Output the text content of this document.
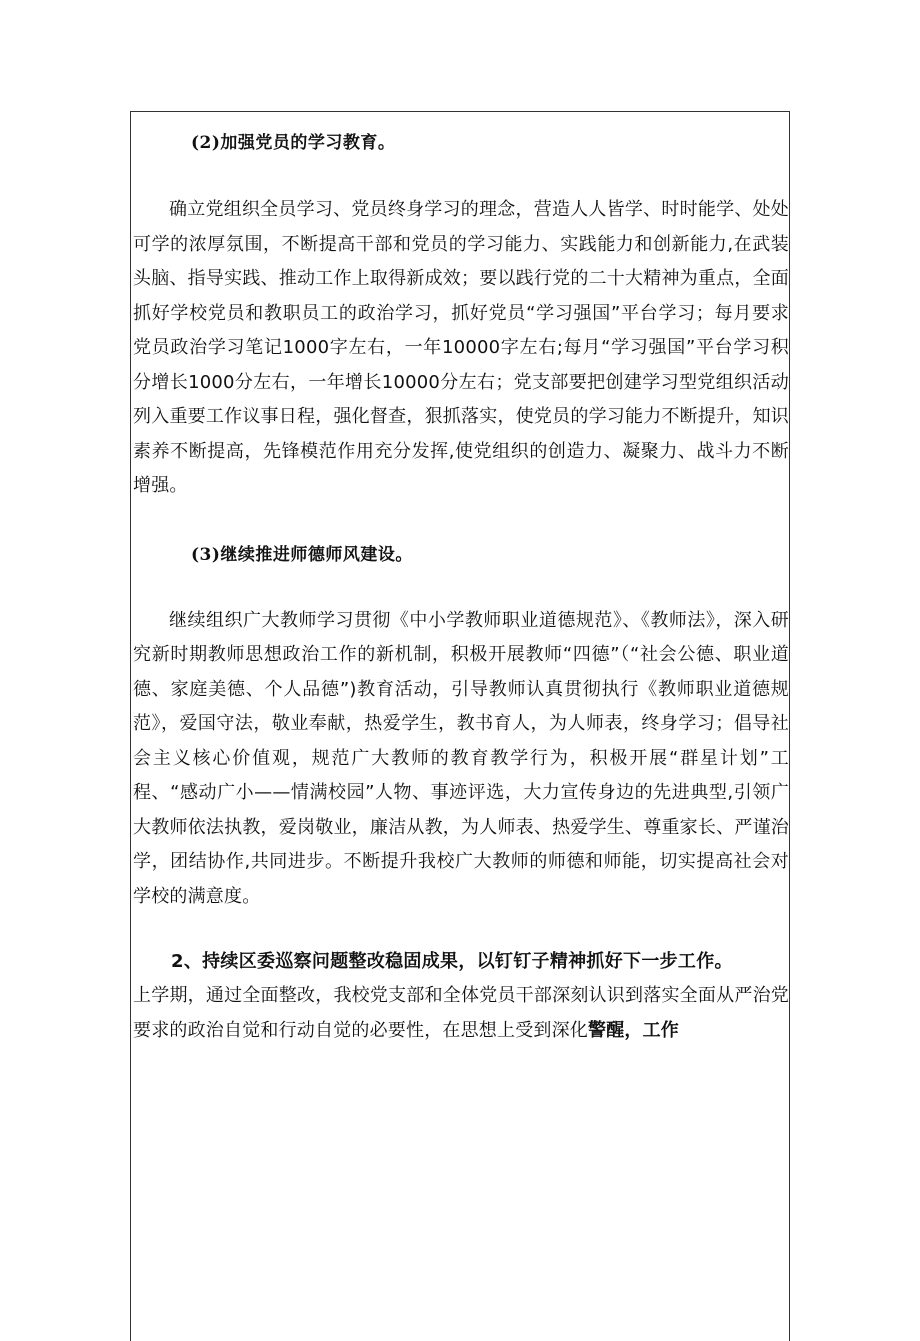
(2)加强党员的学习教育。

确立党组织全员学习、党员终身学习的理念，营造人人皆学、时时能学、处处可学的浓厚氛围，不断提高干部和党员的学习能力、实践能力和创新能力,在武装头脑、指导实践、推动工作上取得新成效；要以践行党的二十大精神为重点，全面抓好学校党员和教职员工的政治学习，抓好党员“学习强国”平台学习；每月要求党员政治学习笔记1000字左右，一年10000字左右;每月“学习强国”平台学习积分增长1000分左右，一年增长10000分左右；党支部要把创建学习型党组织活动列入重要工作议事日程，强化督查，狠抓落实，使党员的学习能力不断提升，知识素养不断提高，先锋模范作用充分发挥,使党组织的创造力、凝聚力、战斗力不断增强。

(3)继续推进师德师风建设。

继续组织广大教师学习贯彻《中小学教师职业道德规范》、《教师法》，深入研究新时期教师思想政治工作的新机制，积极开展教师“四德”（“社会公德、职业道德、家庭美德、个人品德”)教育活动，引导教师认真贯彻执行《教师职业道德规范》，爱国守法，敬业奉献，热爱学生，教书育人，为人师表，终身学习；倡导社会主义核心价值观，规范广大教师的教育教学行为，积极开展“群星计划”工程、“感动广小——情满校园”人物、事迹评选，大力宣传身边的先进典型,引领广大教师依法执教，爱岗敬业，廉洁从教，为人师表、热爱学生、尊重家长、严谨治学，团结协作,共同进步。不断提升我校广大教师的师德和师能，切实提高社会对学校的满意度。

2、持续区委巡察问题整改稳固成果，以钉钉子精神抓好下一步工作。

上学期，通过全面整改，我校党支部和全体党员干部深刻认识到落实全面从严治党要求的政治自觉和行动自觉的必要性，在思想上受到深化警醒，工作
